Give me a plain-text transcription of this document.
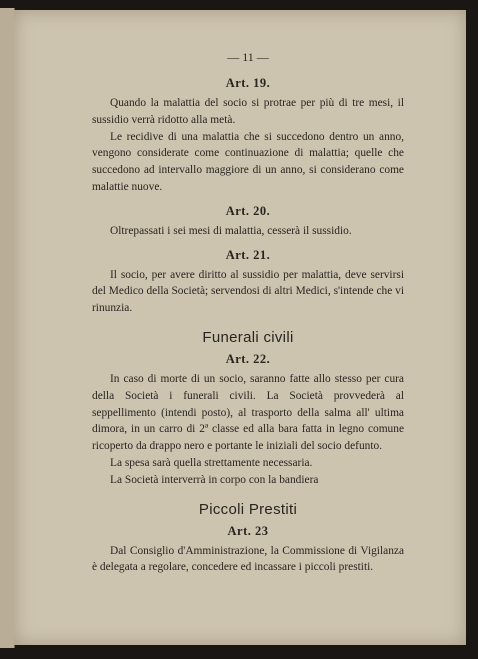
— 11 —
Art. 19.

Quando la malattia del socio si protrae per più di tre mesi, il sussidio verrà ridotto alla metà.

Le recidive di una malattia che si succedono dentro un anno, vengono considerate come continuazione di malattia; quelle che succedono ad intervallo maggiore di un anno, si considerano come malattie nuove.

Art. 20.

Oltrepassati i sei mesi di malattia, cesserà il sussidio.

Art. 21.

Il socio, per avere diritto al sussidio per malattia, deve servirsi del Medico della Società; servendosi di altri Medici, s'intende che vi rinunzia.

Funerali civili
Art. 22.

In caso di morte di un socio, saranno fatte allo stesso per cura della Società i funerali civili. La Società provvederà al seppellimento (intendi posto), al trasporto della salma all' ultima dimora, in un carro di 2ª classe ed alla bara fatta in legno comune ricoperto da drappo nero e portante le iniziali del socio defunto.

La spesa sarà quella strettamente necessaria.

La Società interverrà in corpo con la bandiera

Piccoli Prestiti
Art. 23

Dal Consiglio d'Amministrazione, la Commissione di Vigilanza è delegata a regolare, concedere ed incassare i piccoli prestiti.
